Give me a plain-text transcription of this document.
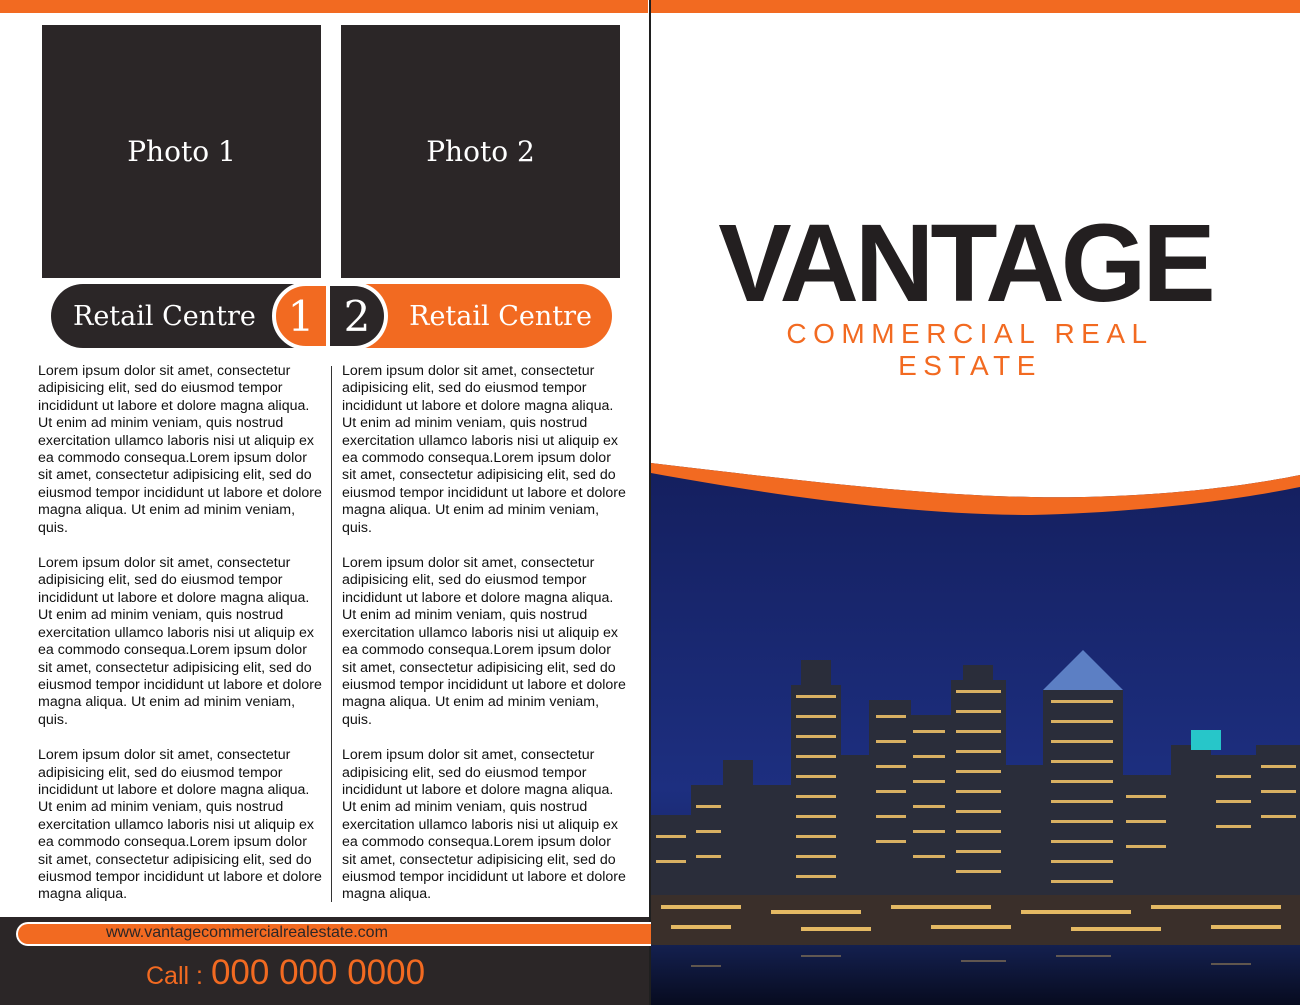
Photo 1	Photo 2
Retail Centre	Retail Centre
1 2

Lorem ipsum dolor sit amet, consectetur adipisicing elit, sed do eiusmod tempor incididunt ut labore et dolore magna aliqua. Ut enim ad minim veniam, quis nostrud exercitation ullamco laboris nisi ut aliquip ex ea commodo consequa.Lorem ipsum dolor sit amet, consectetur adipisicing elit, sed do eiusmod tempor incididunt ut labore et dolore magna aliqua. Ut enim ad minim veniam, quis.

Lorem ipsum dolor sit amet, consectetur adipisicing elit, sed do eiusmod tempor incididunt ut labore et dolore magna aliqua. Ut enim ad minim veniam, quis nostrud exercitation ullamco laboris nisi ut aliquip ex ea commodo consequa.Lorem ipsum dolor sit amet, consectetur adipisicing elit, sed do eiusmod tempor incididunt ut labore et dolore magna aliqua. Ut enim ad minim veniam, quis.

Lorem ipsum dolor sit amet, consectetur adipisicing elit, sed do eiusmod tempor incididunt ut labore et dolore magna aliqua. Ut enim ad minim veniam, quis nostrud exercitation ullamco laboris nisi ut aliquip ex ea commodo consequa.Lorem ipsum dolor sit amet, consectetur adipisicing elit, sed do eiusmod tempor incididunt ut labore et dolore magna aliqua.

Lorem ipsum dolor sit amet, consectetur adipisicing elit, sed do eiusmod tempor incididunt ut labore et dolore magna aliqua. Ut enim ad minim veniam, quis nostrud exercitation ullamco laboris nisi ut aliquip ex ea commodo consequa.Lorem ipsum dolor sit amet, consectetur adipisicing elit, sed do eiusmod tempor incididunt ut labore et dolore magna aliqua. Ut enim ad minim veniam, quis.

Lorem ipsum dolor sit amet, consectetur adipisicing elit, sed do eiusmod tempor incididunt ut labore et dolore magna aliqua. Ut enim ad minim veniam, quis nostrud exercitation ullamco laboris nisi ut aliquip ex ea commodo consequa.Lorem ipsum dolor sit amet, consectetur adipisicing elit, sed do eiusmod tempor incididunt ut labore et dolore magna aliqua. Ut enim ad minim veniam, quis.

Lorem ipsum dolor sit amet, consectetur adipisicing elit, sed do eiusmod tempor incididunt ut labore et dolore magna aliqua. Ut enim ad minim veniam, quis nostrud exercitation ullamco laboris nisi ut aliquip ex ea commodo consequa.Lorem ipsum dolor sit amet, consectetur adipisicing elit, sed do eiusmod tempor incididunt ut labore et dolore magna aliqua.

www.vantagecommercialrealestate.com
Call : 000 000 0000
VANTAGE
COMMERCIAL REAL ESTATE
